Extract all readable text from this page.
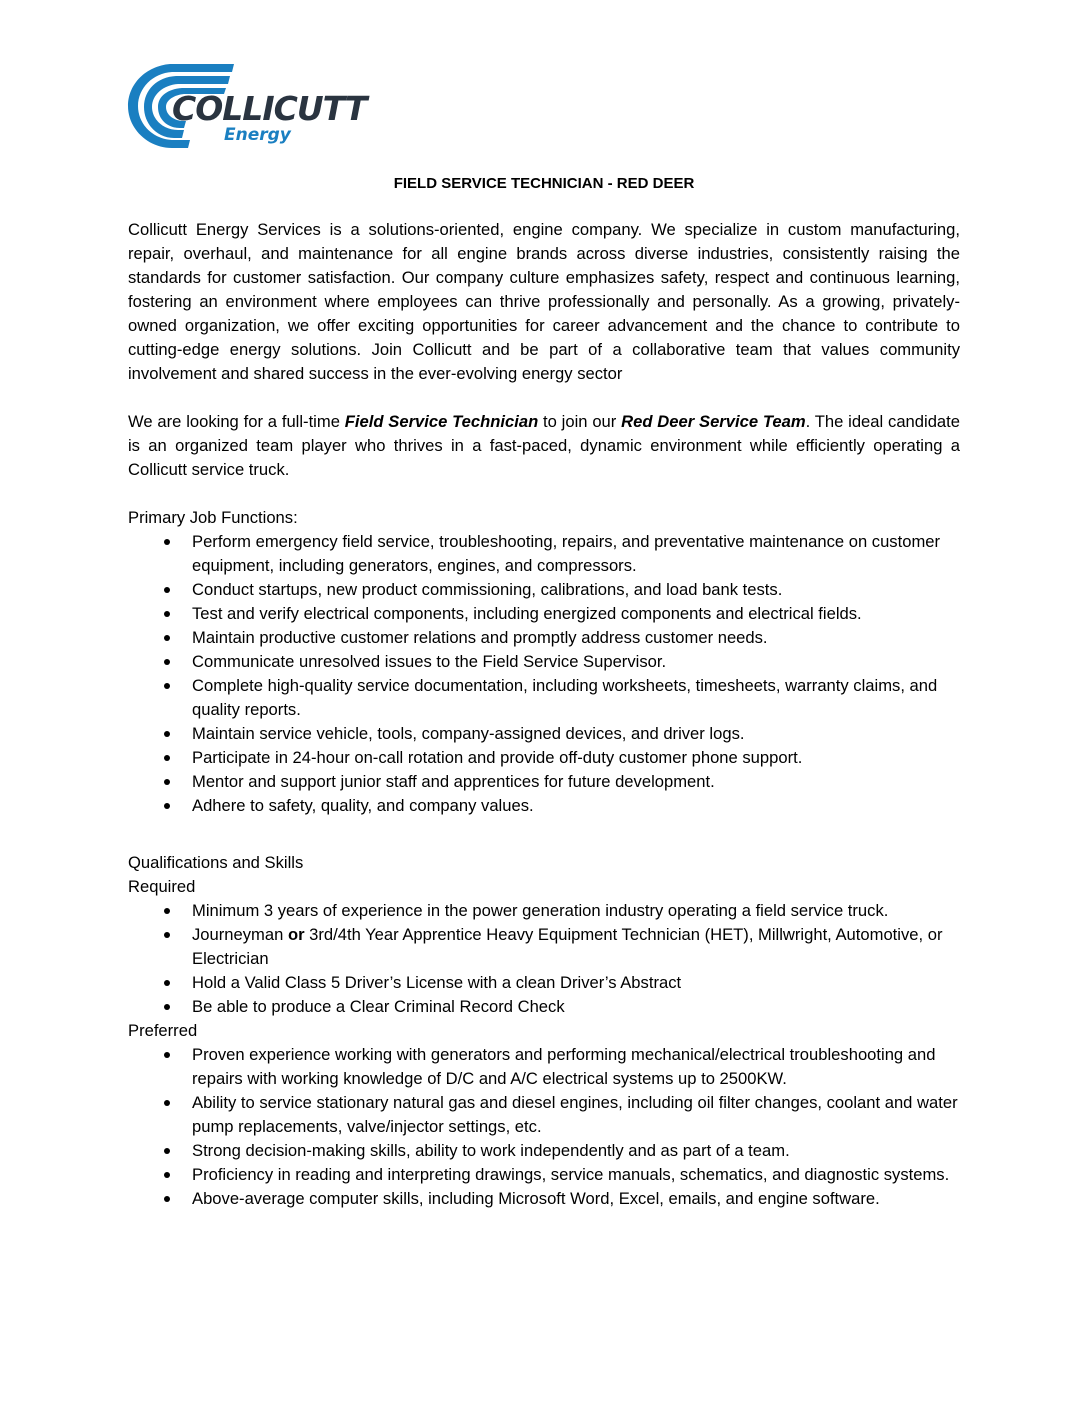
COLLICUTT
Energy
FIELD SERVICE TECHNICIAN - RED DEER

Collicutt Energy Services is a solutions-oriented, engine company. We specialize in custom manufacturing, repair, overhaul, and maintenance for all engine brands across diverse industries, consistently raising the standards for customer satisfaction. Our company culture emphasizes safety, respect and continuous learning, fostering an environment where employees can thrive professionally and personally. As a growing, privately-owned organization, we offer exciting opportunities for career advancement and the chance to contribute to cutting-edge energy solutions. Join Collicutt and be part of a collaborative team that values community involvement and shared success in the ever-evolving energy sector

We are looking for a full-time Field Service Technician to join our Red Deer Service Team. The ideal candidate is an organized team player who thrives in a fast-paced, dynamic environment while efficiently operating a Collicutt service truck.

Primary Job Functions:

Perform emergency field service, troubleshooting, repairs, and preventative maintenance on customer equipment, including generators, engines, and compressors.
Conduct startups, new product commissioning, calibrations, and load bank tests.
Test and verify electrical components, including energized components and electrical fields.
Maintain productive customer relations and promptly address customer needs.
Communicate unresolved issues to the Field Service Supervisor.
Complete high-quality service documentation, including worksheets, timesheets, warranty claims, and quality reports.
Maintain service vehicle, tools, company-assigned devices, and driver logs.
Participate in 24-hour on-call rotation and provide off-duty customer phone support.
Mentor and support junior staff and apprentices for future development.
Adhere to safety, quality, and company values.

Qualifications and Skills

Required

Minimum 3 years of experience in the power generation industry operating a field service truck.
Journeyman or 3rd/4th Year Apprentice Heavy Equipment Technician (HET), Millwright, Automotive, or Electrician
Hold a Valid Class 5 Driver’s License with a clean Driver’s Abstract
Be able to produce a Clear Criminal Record Check

Preferred

Proven experience working with generators and performing mechanical/electrical troubleshooting and repairs with working knowledge of D/C and A/C electrical systems up to 2500KW.
Ability to service stationary natural gas and diesel engines, including oil filter changes, coolant and water pump replacements, valve/injector settings, etc.
Strong decision-making skills, ability to work independently and as part of a team.
Proficiency in reading and interpreting drawings, service manuals, schematics, and diagnostic systems.
Above-average computer skills, including Microsoft Word, Excel, emails, and engine software.
